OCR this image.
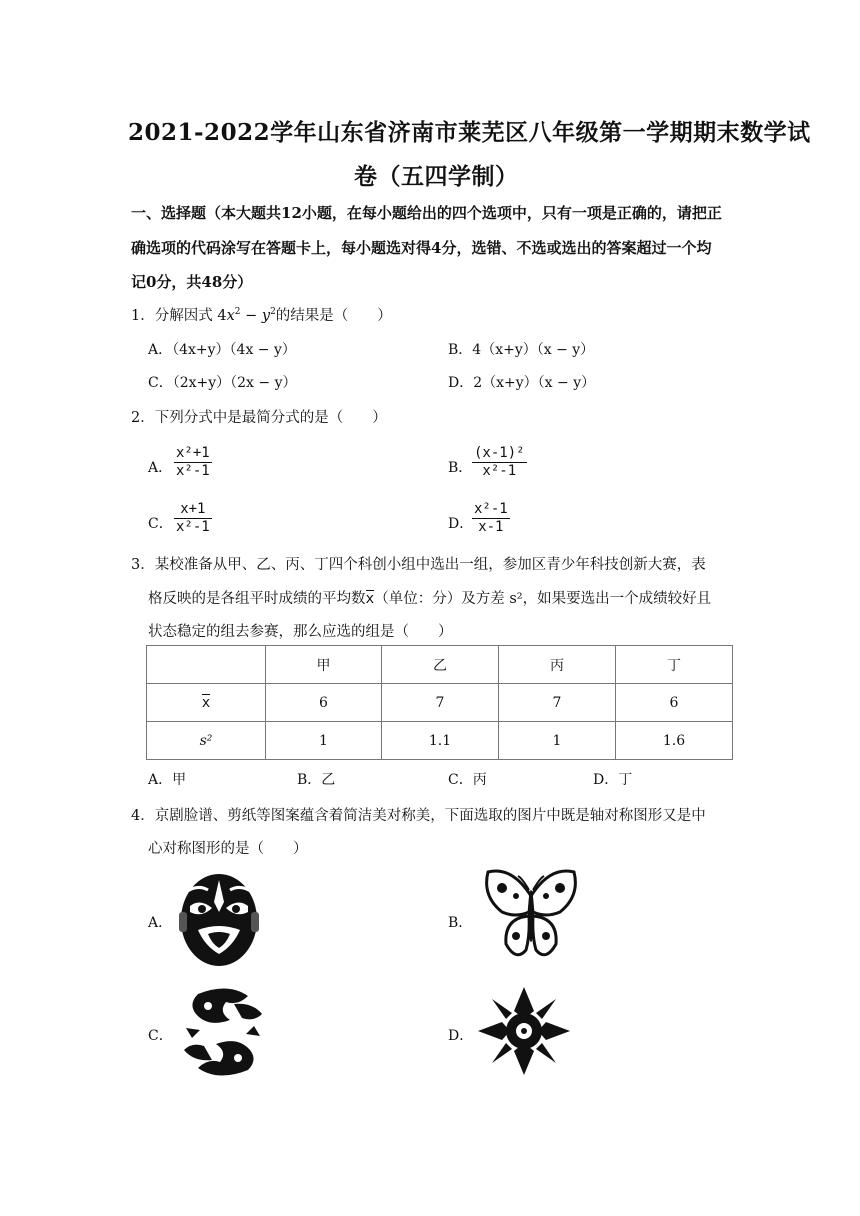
2021-2022学年山东省济南市莱芜区八年级第一学期期末数学试
卷（五四学制）
一、选择题（本大题共12小题，在每小题给出的四个选项中，只有一项是正确的，请把正
确选项的代码涂写在答题卡上，每小题选对得4分，选错、不选或选出的答案超过一个均
记0分，共48分）
1．分解因式 $4x^2 - y^2$的结果是（　　）
A．（4x+y）（4x − y）	B．4（x+y）（x − y）
C．（2x+y）（2x − y）	D．2（x+y）（x − y）
2．下列分式中是最简分式的是（　　）
A． $\frac{\text{x²+1}}{\text{x²-1}}$	B． $\frac{\text{(x-1)²}}{\text{x²-1}}$
C． $\frac{x+1}{\text{x²-1}}$	D．
$\frac{\text{x²-1}}{x-1}$
3．某校准备从甲、乙、丙、丁四个科创小组中选出一组，参加区青少年科技创新大赛，表
格反映的是各组平时成绩的平均数x（单位：分）及方差 s²，如果要选出一个成绩较好且
状态稳定的组去参赛，那么应选的组是（　　）
	甲	乙	丙	丁
x	6	7	7	6
s²	1	1.1	1	1.6
A．甲	B．乙	C．丙	D．丁
4．京剧脸谱、剪纸等图案蕴含着简洁美对称美，下面选取的图片中既是轴对称图形又是中
心对称图形的是（　　）
A．	B．
C．	D．
